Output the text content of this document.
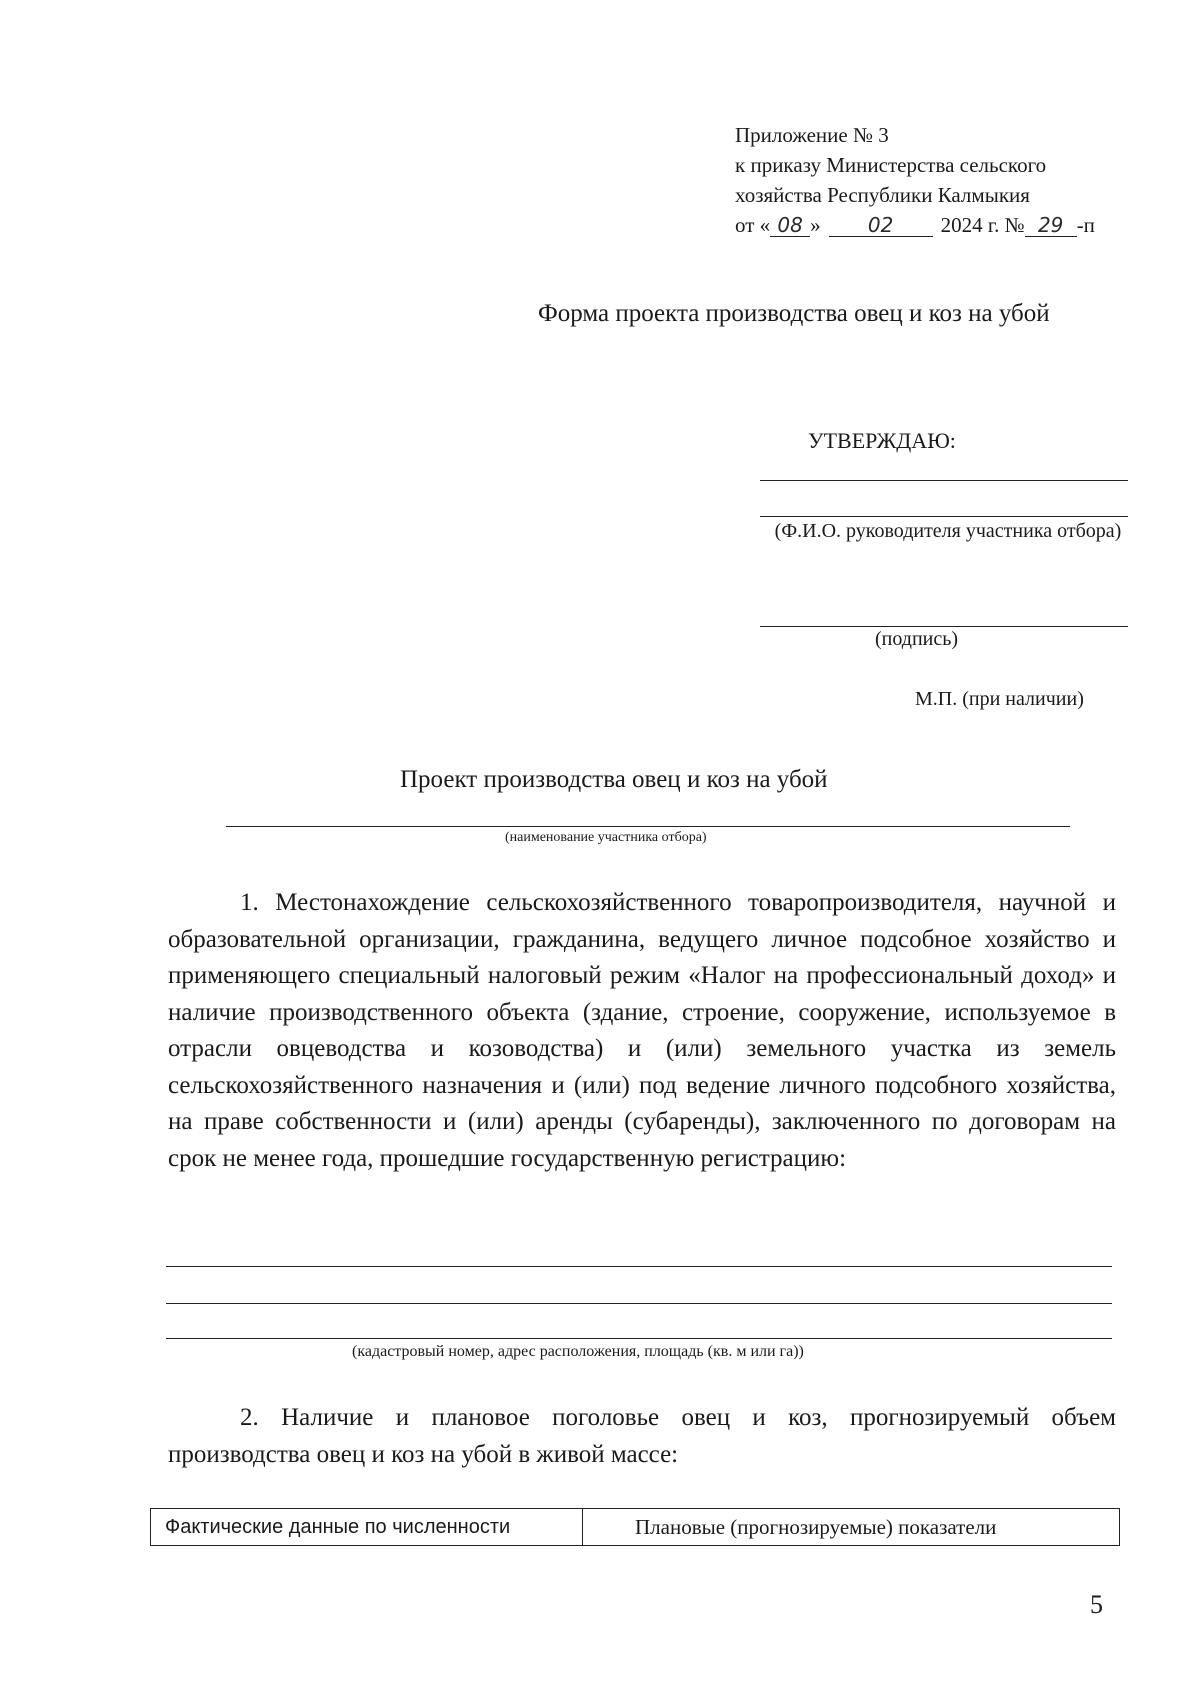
Приложение № 3
к приказу Министерства сельского
хозяйства Республики Калмыкия
от « 08 » 02 2024 г. № 29 -п
Форма проекта производства овец и коз на убой
УТВЕРЖДАЮ:
(Ф.И.О. руководителя участника отбора)
(подпись)
М.П. (при наличии)
Проект производства овец и коз на убой
(наименование участника отбора)
1. Местонахождение сельскохозяйственного товаропроизводителя, научной и образовательной организации, гражданина, ведущего личное подсобное хозяйство и применяющего специальный налоговый режим «Налог на профессиональный доход» и наличие производственного объекта (здание, строение, сооружение, используемое в отрасли овцеводства и козоводства) и (или) земельного участка из земель сельскохозяйственного назначения и (или) под ведение личного подсобного хозяйства, на праве собственности и (или) аренды (субаренды), заключенного по договорам на срок не менее года, прошедшие государственную регистрацию:
(кадастровый номер, адрес расположения, площадь (кв. м или га))
2. Наличие и плановое поголовье овец и коз, прогнозируемый объем производства овец и коз на убой в живой массе:
Фактические данные по численности	Плановые (прогнозируемые) показатели
5
